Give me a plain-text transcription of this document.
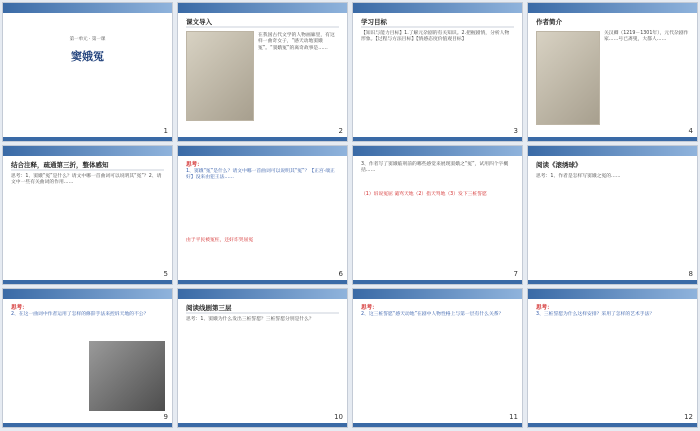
第一单元 · 第一课
窦娥冤
1
课文导入
在我国古代文学的人物画廊里，有这样一曲奇女子，“感天动地窦娥冤”。“窦娥冤”的离奇故事是……
2
学习目标
【知识与能力目标】1.了解元杂剧的有关知识。2.把握剧情，分析人物形象。【过程与方法目标】【情感态度价值观目标】
3
作者简介
关汉卿（1219－1301年），元代杂剧作家……号已斋叟，大都人……
4
结合注释，疏通第三折，整体感知
思考：1、窦娥“冤”是什么？请文中哪一首曲词可以说明其“冤”？2、请文中一些有关曲词的作用……
5
思考：
1、窦娥“冤”是什么？请文中哪一首曲词可以说明其“冤”？【正宫·端正好】没来由犯王法……
由于平民被冤枉，还奸诈哭屈冤
6
3、作者写了窦娥临刑前的哪些感觉来展现窦娥之“冤”，试用四个字概括……
（1）诉说冤屈 谴骂天地（2）指天骂地（3）发下三桩誓愿
7
阅读《滚绣球》
思考：1、作者是怎样写窦娥之冤的……
8
思考：
2、在这一曲词中作者运用了怎样的修辞手法来控诉天地的不公？
9
阅读线剧第三层
思考：1、窦娥为什么发出三桩誓愿？三桩誓愿分别是什么？
10
思考：
2、这三桩誓愿“感天动地”在剧中人物性格上与第一层有什么关系？
11
思考：
3、三桩誓愿为什么这样安排？采用了怎样的艺术手法？
12
